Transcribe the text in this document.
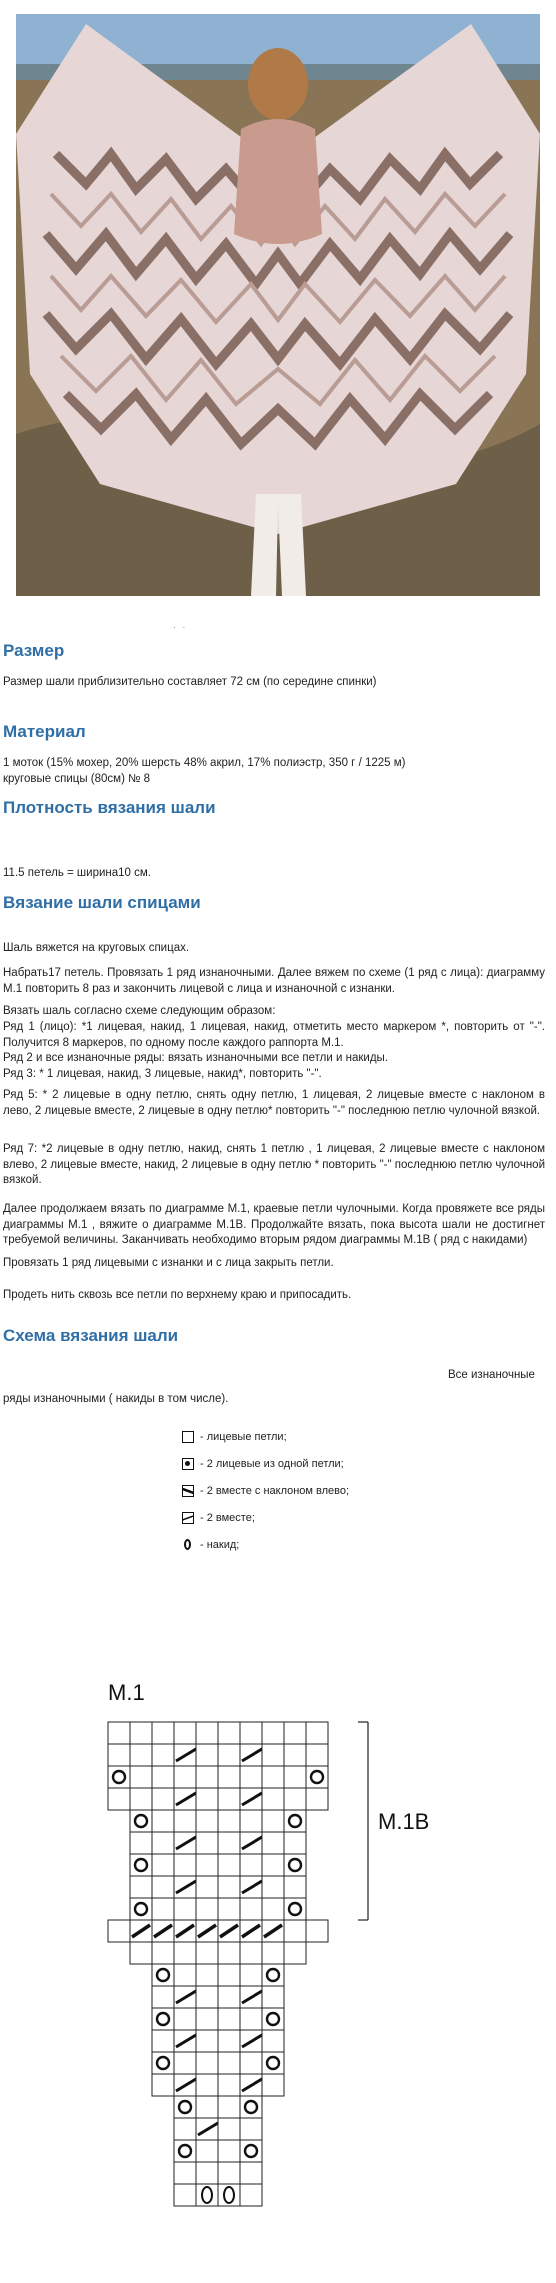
. .
Размер

Размер шали приблизительно составляет 72 см (по середине спинки)

Материал

1 моток (15% мохер, 20% шерсть 48% акрил, 17% полиэстр, 350 г / 1225 м)

круговые спицы (80см) № 8

Плотность вязания шали

11.5 петель = ширина10 см.

Вязание шали спицами

Шаль вяжется на круговых спицах.

Набрать17 петель. Провязать 1 ряд изнаночными. Далее вяжем по схеме (1 ряд с лица): диаграмму М.1 повторить 8 раз и закончить лицевой с лица и изнаночной с изнанки.

Вязать шаль согласно схеме следующим образом:

Ряд 1 (лицо): *1 лицевая, накид, 1 лицевая, накид, отметить место маркером *, повторить от "-". Получится 8 маркеров, по одному после каждого раппорта М.1.

Ряд 2 и все изнаночные ряды: вязать изнаночными все петли и накиды.

Ряд 3: * 1 лицевая, накид, 3 лицевые, накид*, повторить "-".

Ряд 5: * 2 лицевые в одну петлю, снять одну петлю, 1 лицевая, 2 лицевые вместе с наклоном в лево, 2 лицевые вместе, 2 лицевые в одну петлю* повторить "-" последнюю петлю чулочной вязкой.

Ряд 7: *2 лицевые в одну петлю, накид, снять 1 петлю , 1 лицевая, 2 лицевые вместе с наклоном влево, 2 лицевые вместе, накид, 2 лицевые в одну петлю * повторить "-" последнюю петлю чулочной вязкой.

Далее продолжаем вязать по диаграмме М.1, краевые петли чулочными. Когда провяжете все ряды диаграммы М.1 , вяжите о диаграмме М.1В. Продолжайте вязать, пока высота шали не достигнет требуемой величины. Заканчивать необходимо вторым рядом диаграммы М.1В ( ряд с накидами)

Провязать 1 ряд лицевыми с изнанки и с лица закрыть петли.

Продеть нить сквозь все петли по верхнему краю и припосадить.

Схема вязания шали

Все изнаночные

ряды изнаночными ( накиды в том числе).

- лицевые петли;
- 2 лицевые из одной петли;
- 2 вместе с наклоном влево;
- 2 вместе;
- накид;
M.1
M.1B
